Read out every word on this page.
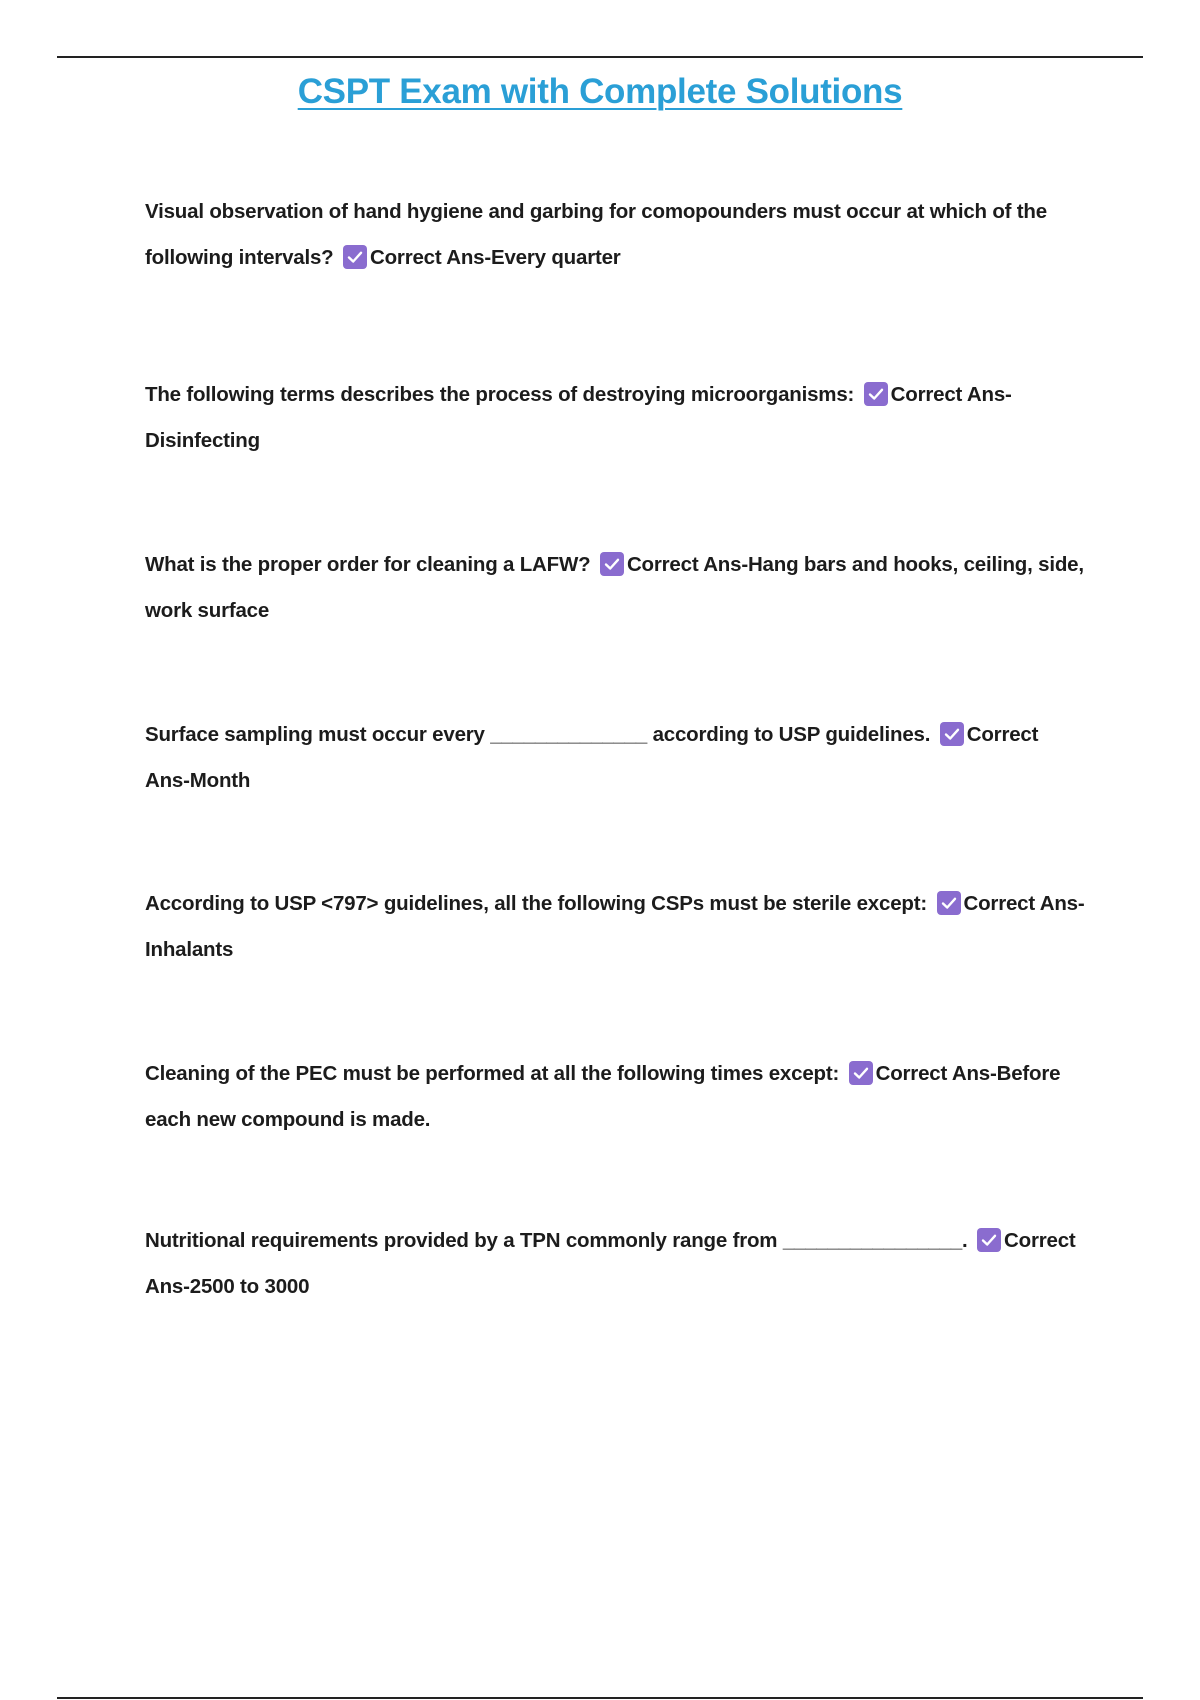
CSPT Exam with Complete Solutions

Visual observation of hand hygiene and garbing for comopounders must occur at which of the following intervals? Correct Ans-Every quarter

The following terms describes the process of destroying microorganisms: Correct Ans-Disinfecting

What is the proper order for cleaning a LAFW? Correct Ans-Hang bars and hooks, ceiling, side, work surface

Surface sampling must occur every ______________ according to USP guidelines. Correct Ans-Month

According to USP <797> guidelines, all the following CSPs must be sterile except: Correct Ans-Inhalants

Cleaning of the PEC must be performed at all the following times except: Correct Ans-Before each new compound is made.

Nutritional requirements provided by a TPN commonly range from ________________. Correct Ans-2500 to 3000
